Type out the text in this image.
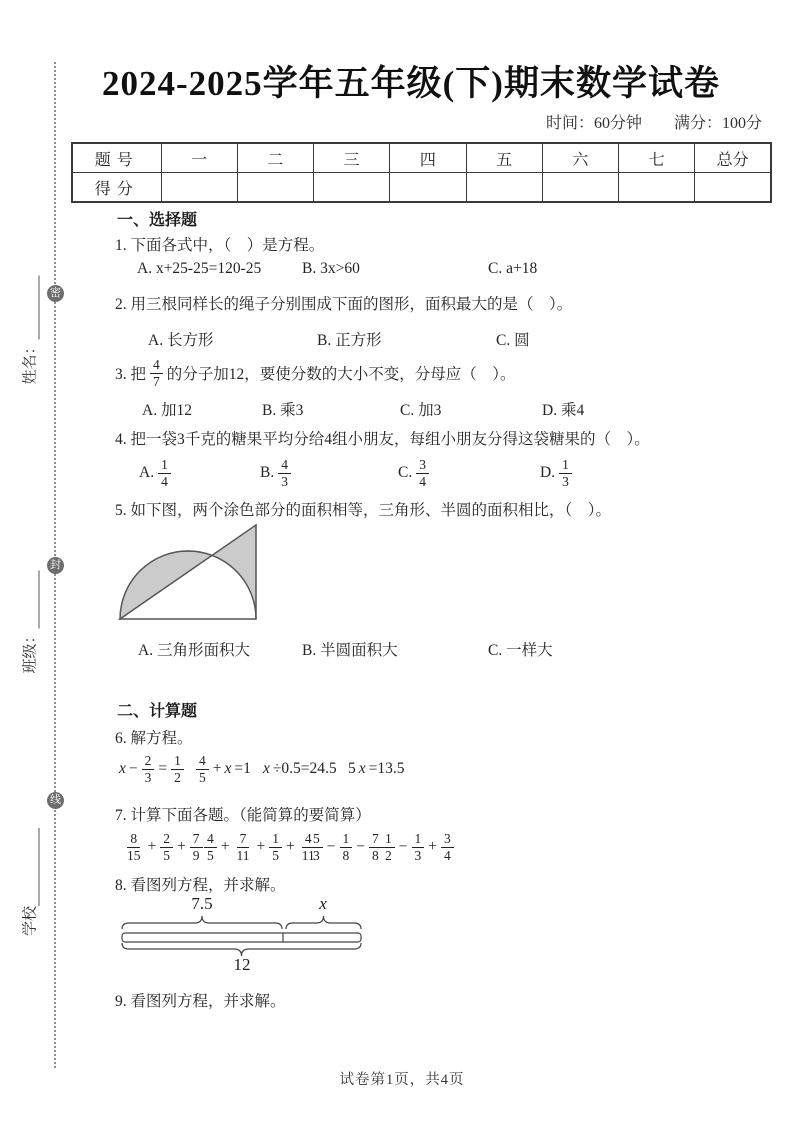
密
封
线
姓名：
班级：
学校
2024-2025学年五年级(下)期末数学试卷
时间：60分钟 满分：100分
题号	一	二	三	四	五	六	七	总分
得分								
一、选择题
1. 下面各式中，（　）是方程。
A. x+25-25=120-25	B. 3x>60	C. a+18
2. 用三根同样长的绳子分别围成下面的图形，面积最大的是（　）。
A. 长方形	B. 正方形	C. 圆
3. 把 $\frac{4}{7}$ 的分子加12，要使分数的大小不变，分母应（　）。
A. 加12	B. 乘3	C. 加3	D. 乘4
4. 把一袋3千克的糖果平均分给4组小朋友，每组小朋友分得这袋糖果的（　）。
A. $\frac{1}{4}$	B. $\frac{4}{3}$	C. $\frac{3}{4}$	D. $\frac{1}{3}$
5. 如下图，两个涂色部分的面积相等，三角形、半圆的面积相比，（　）。
A. 三角形面积大	B. 半圆面积大	C. 一样大
二、计算题
6. 解方程。
$x - \frac{2}{3} = \frac{1}{2} \frac{4}{5} + x =1$ x ÷0.5=24.5 5 x =13.5
7. 计算下面各题。（能简算的要简算）
$\frac{8}{15} + \frac{2}{5} + \frac{7}{9} \frac{4}{5} + \frac{7}{11} + \frac{1}{5} + \frac{4}{11}$
$\frac{5}{3} - \frac{1}{8} - \frac{7}{8} \frac{1}{2} - \frac{1}{3} + \frac{3}{4}$
8. 看图列方程，并求解。
7.5	x
12
9. 看图列方程，并求解。
试卷第1页，共4页
